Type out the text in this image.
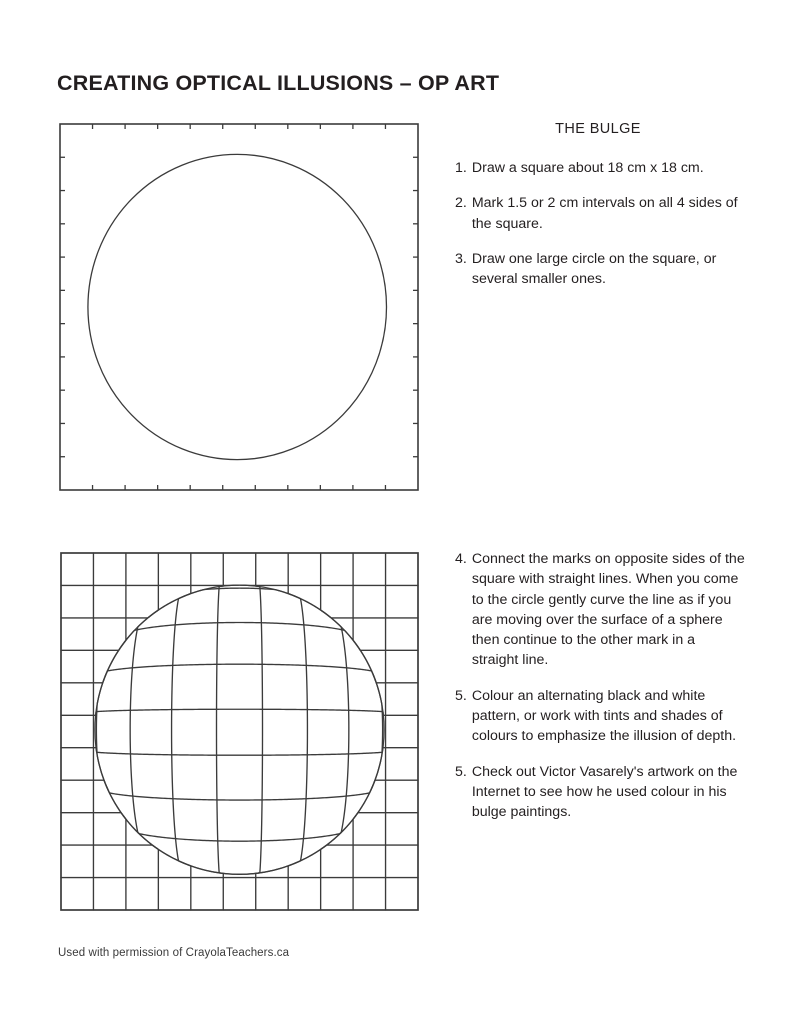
CREATING OPTICAL ILLUSIONS – OP ART
THE BULGE
1. Draw a square about 18 cm x 18 cm.
2. Mark 1.5 or 2 cm intervals on all 4 sides of the square.
3. Draw one large circle on the square, or several smaller ones.
4. Connect the marks on opposite sides of the square with straight lines. When you come to the circle gently curve the line as if you are moving over the surface of a sphere then continue to the other mark in a straight line.
5. Colour an alternating black and white pattern, or work with tints and shades of colours to emphasize the illusion of depth.
5. Check out Victor Vasarely's artwork on the Internet to see how he used colour in his bulge paintings.
Used with permission of CrayolaTeachers.ca
